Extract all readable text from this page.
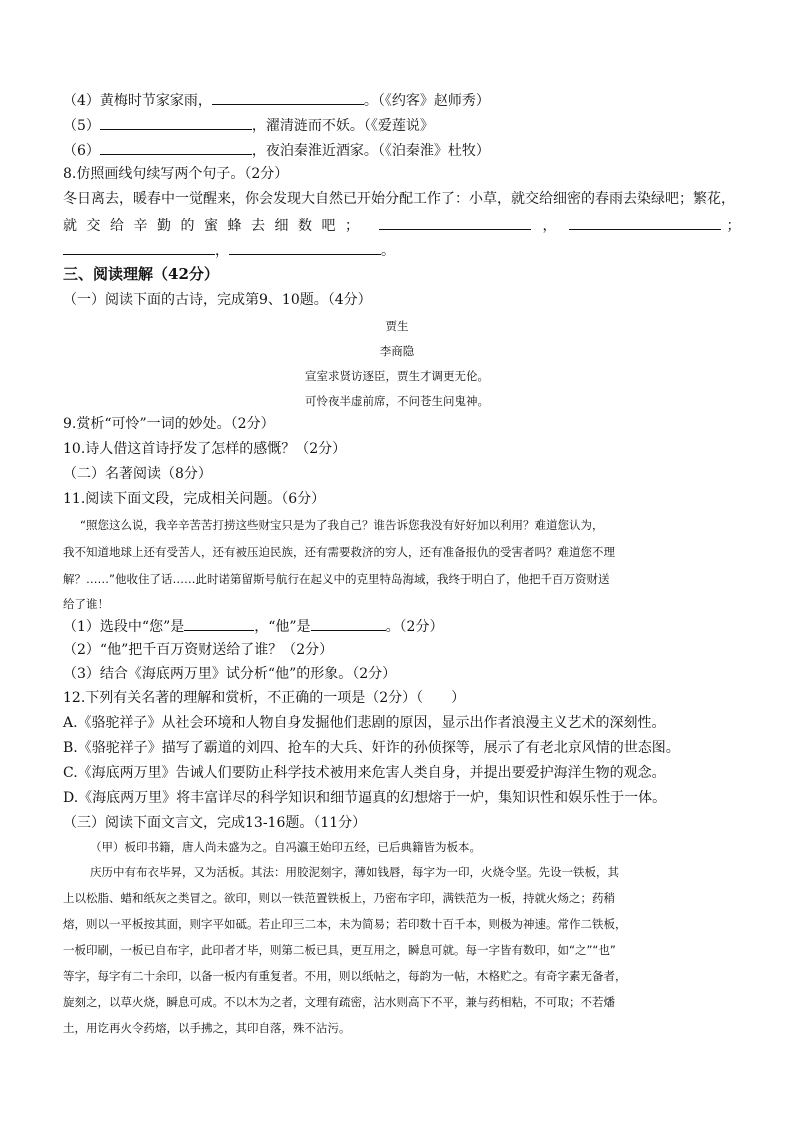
（4）黄梅时节家家雨，	。（《约客》赵师秀）
（5）	，濯清涟而不妖。（《爱莲说》
（6）	，夜泊秦淮近酒家。（《泊秦淮》杜牧）
8.仿照画线句续写两个句子。（2分）
冬日离去，暖春中一觉醒来，你会发现大自然已开始分配工作了：小草，就交给细密的春雨去染绿吧；繁花，
就交给辛勤的蜜蜂去细数吧；	，	；
，	。
三、阅读理解（42分）
（一）阅读下面的古诗，完成第9、10题。（4分）
贾生
李商隐
宣室求贤访逐臣，贾生才调更无伦。
可怜夜半虚前席，不问苍生问鬼神。
9.赏析“可怜”一词的妙处。（2分）
10.诗人借这首诗抒发了怎样的感慨？（2分）
（二）名著阅读（8分）
11.阅读下面文段，完成相关问题。（6分）
“照您这么说，我辛辛苦苦打捞这些财宝只是为了我自己？谁告诉您我没有好好加以利用？难道您认为，
我不知道地球上还有受苦人，还有被压迫民族，还有需要救济的穷人，还有准备报仇的受害者吗？难道您不理
解？……”他收住了话……此时诺第留斯号航行在起义中的克里特岛海域，我终于明白了，他把千百万资财送
给了谁！
（1）选段中“您”是	，“他”是	。（2分）
（2）“他”把千百万资财送给了谁？（2分）
（3）结合《海底两万里》试分析“他”的形象。（2分）
12.下列有关名著的理解和赏析，不正确的一项是（2分）（　　）
A.《骆驼祥子》从社会环境和人物自身发掘他们悲剧的原因，显示出作者浪漫主义艺术的深刻性。
B.《骆驼祥子》描写了霸道的刘四、抢车的大兵、奸诈的孙侦探等，展示了有老北京风情的世态图。
C.《海底两万里》告诫人们要防止科学技术被用来危害人类自身，并提出要爱护海洋生物的观念。
D.《海底两万里》将丰富详尽的科学知识和细节逼真的幻想熔于一炉，集知识性和娱乐性于一体。
（三）阅读下面文言文，完成13-16题。（11分）
（甲）板印书籍，唐人尚未盛为之。自冯瀛王始印五经，已后典籍皆为板本。
庆历中有布衣毕昇，又为活板。其法：用胶泥刻字，薄如钱唇，每字为一印，火烧令坚。先设一铁板，其
上以松脂、蜡和纸灰之类冒之。欲印，则以一铁范置铁板上，乃密布字印，满铁范为一板，持就火炀之；药稍
熔，则以一平板按其面，则字平如砥。若止印三二本，未为简易；若印数十百千本，则极为神速。常作二铁板，
一板印刷，一板已自布字，此印者才毕，则第二板已具，更互用之，瞬息可就。每一字皆有数印，如“之”“也”
等字，每字有二十余印，以备一板内有重复者。不用，则以纸帖之，每韵为一帖，木格贮之。有奇字素无备者，
旋刻之，以草火烧，瞬息可成。不以木为之者，文理有疏密，沾水则高下不平，兼与药相粘，不可取；不若燔
土，用讫再火令药熔，以手拂之，其印自落，殊不沾污。
